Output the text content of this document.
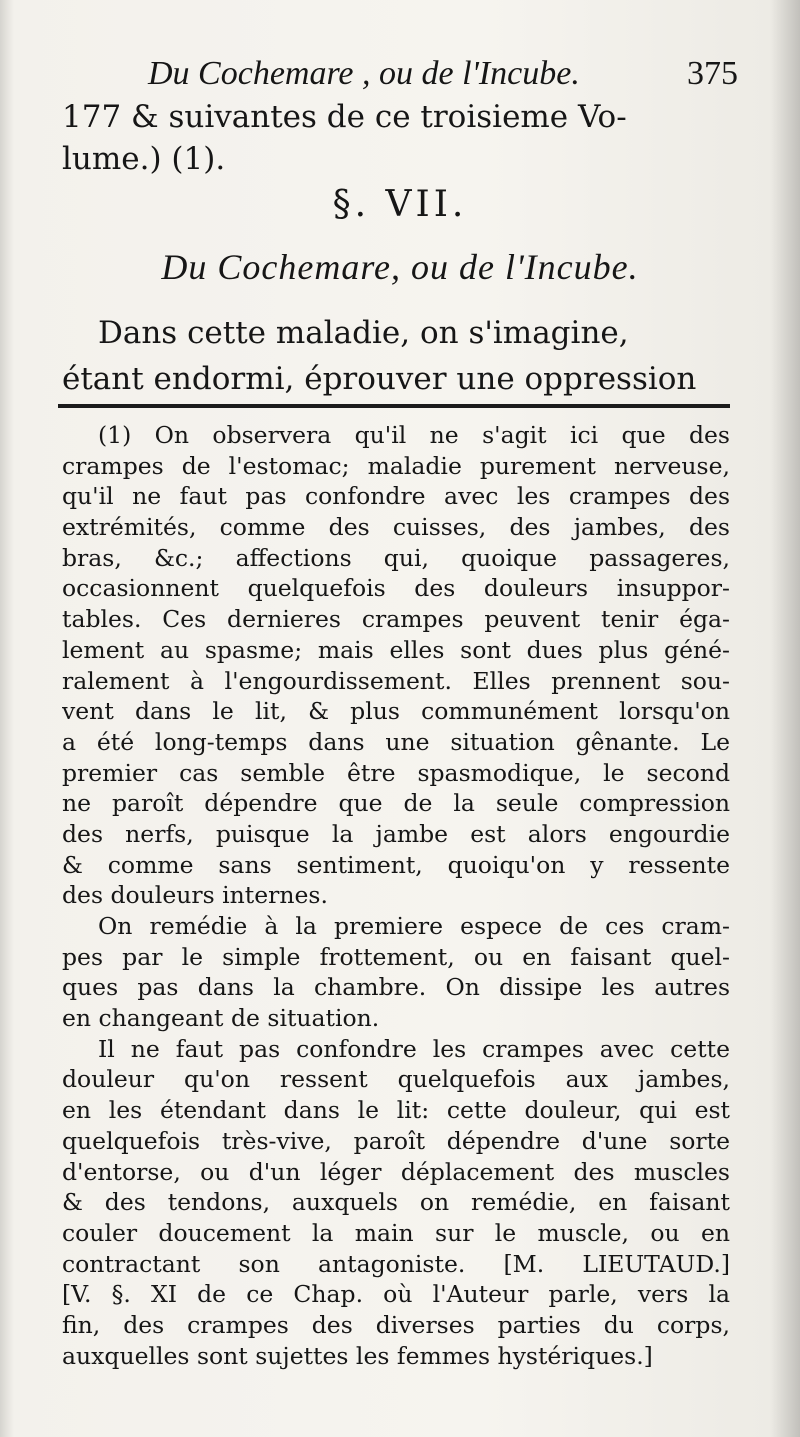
Du Cochemare , ou de l'Incube.	375
177 & suivantes de ce troisieme Vo-
lume.) (1).
§. VII.
Du Cochemare, ou de l'Incube.
Dans cette maladie, on s'imagine,
étant endormi, éprouver une oppression
(1) On observera qu'il ne s'agit ici que des
crampes de l'estomac; maladie purement nerveuse,
qu'il ne faut pas confondre avec les crampes des
extrémités, comme des cuisses, des jambes, des
bras, &c.; affections qui, quoique passageres,
occasionnent quelquefois des douleurs insuppor-
tables. Ces dernieres crampes peuvent tenir éga-
lement au spasme; mais elles sont dues plus géné-
ralement à l'engourdissement. Elles prennent sou-
vent dans le lit, & plus communément lorsqu'on
a été long-temps dans une situation gênante. Le
premier cas semble être spasmodique, le second
ne paroît dépendre que de la seule compression
des nerfs, puisque la jambe est alors engourdie
& comme sans sentiment, quoiqu'on y ressente
des douleurs internes.
On remédie à la premiere espece de ces cram-
pes par le simple frottement, ou en faisant quel-
ques pas dans la chambre. On dissipe les autres
en changeant de situation.
Il ne faut pas confondre les crampes avec cette
douleur qu'on ressent quelquefois aux jambes,
en les étendant dans le lit: cette douleur, qui est
quelquefois très-vive, paroît dépendre d'une sorte
d'entorse, ou d'un léger déplacement des muscles
& des tendons, auxquels on remédie, en faisant
couler doucement la main sur le muscle, ou en
contractant son antagoniste. [M. LIEUTAUD.]
[V. §. XI de ce Chap. où l'Auteur parle, vers la
fin, des crampes des diverses parties du corps,
auxquelles sont sujettes les femmes hystériques.]
